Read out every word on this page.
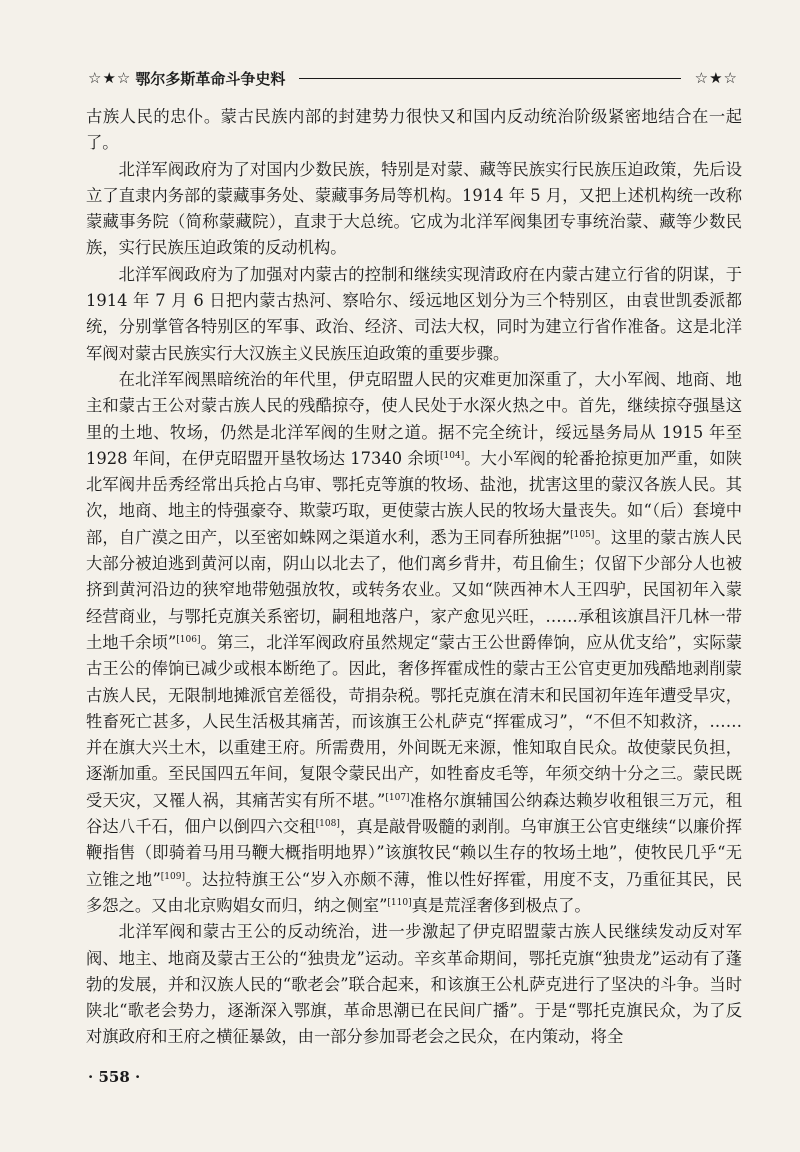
☆★☆ 鄂尔多斯革命斗争史料	☆★☆

古族人民的忠仆。蒙古民族内部的封建势力很快又和国内反动统治阶级紧密地结合在一起了。

北洋军阀政府为了对国内少数民族，特别是对蒙、藏等民族实行民族压迫政策，先后设立了直隶内务部的蒙藏事务处、蒙藏事务局等机构。1914 年 5 月，又把上述机构统一改称蒙藏事务院（简称蒙藏院），直隶于大总统。它成为北洋军阀集团专事统治蒙、藏等少数民族，实行民族压迫政策的反动机构。

北洋军阀政府为了加强对内蒙古的控制和继续实现清政府在内蒙古建立行省的阴谋，于 1914 年 7 月 6 日把内蒙古热河、察哈尔、绥远地区划分为三个特别区，由袁世凯委派都统，分别掌管各特别区的军事、政治、经济、司法大权，同时为建立行省作准备。这是北洋军阀对蒙古民族实行大汉族主义民族压迫政策的重要步骤。

在北洋军阀黑暗统治的年代里，伊克昭盟人民的灾难更加深重了，大小军阀、地商、地主和蒙古王公对蒙古族人民的残酷掠夺，使人民处于水深火热之中。首先，继续掠夺强垦这里的土地、牧场，仍然是北洋军阀的生财之道。据不完全统计，绥远垦务局从 1915 年至 1928 年间，在伊克昭盟开垦牧场达 17340 余顷[104]。大小军阀的轮番抢掠更加严重，如陕北军阀井岳秀经常出兵抢占乌审、鄂托克等旗的牧场、盐池，扰害这里的蒙汉各族人民。其次，地商、地主的恃强豪夺、欺蒙巧取，更使蒙古族人民的牧场大量丧失。如“（后）套境中部，自广漠之田产，以至密如蛛网之渠道水利，悉为王同春所独据”[105]。这里的蒙古族人民大部分被迫逃到黄河以南，阴山以北去了，他们离乡背井，苟且偷生；仅留下少部分人也被挤到黄河沿边的狭窄地带勉强放牧，或转务农业。又如“陕西神木人王四驴，民国初年入蒙经营商业，与鄂托克旗关系密切，嗣租地落户，家产愈见兴旺，……承租该旗昌汗几林一带土地千余顷”[106]。第三，北洋军阀政府虽然规定“蒙古王公世爵俸饷，应从优支给”，实际蒙古王公的俸饷已减少或根本断绝了。因此，奢侈挥霍成性的蒙古王公官吏更加残酷地剥削蒙古族人民，无限制地摊派官差徭役，苛捐杂税。鄂托克旗在清末和民国初年连年遭受旱灾，牲畜死亡甚多，人民生活极其痛苦，而该旗王公札萨克“挥霍成习”，“不但不知救济，……并在旗大兴土木，以重建王府。所需费用，外间既无来源，惟知取自民众。故使蒙民负担，逐渐加重。至民国四五年间，复限令蒙民出产，如牲畜皮毛等，年须交纳十分之三。蒙民既受天灾，又罹人祸，其痛苦实有所不堪。”[107]准格尔旗辅国公纳森达赖岁收租银三万元，租谷达八千石，佃户以倒四六交租[108]，真是敲骨吸髓的剥削。乌审旗王公官吏继续“以廉价挥鞭指售（即骑着马用马鞭大概指明地界）”该旗牧民“赖以生存的牧场土地”，使牧民几乎“无立锥之地”[109]。达拉特旗王公“岁入亦颇不薄，惟以性好挥霍，用度不支，乃重征其民，民多怨之。又由北京购娼女而归，纳之侧室”[110]真是荒淫奢侈到极点了。

北洋军阀和蒙古王公的反动统治，进一步激起了伊克昭盟蒙古族人民继续发动反对军阀、地主、地商及蒙古王公的“独贵龙”运动。辛亥革命期间，鄂托克旗“独贵龙”运动有了蓬勃的发展，并和汉族人民的“歌老会”联合起来，和该旗王公札萨克进行了坚决的斗争。当时陕北“歌老会势力，逐渐深入鄂旗，革命思潮已在民间广播”。于是“鄂托克旗民众，为了反对旗政府和王府之横征暴敛，由一部分参加哥老会之民众，在内策动，将全

· 558 ·
